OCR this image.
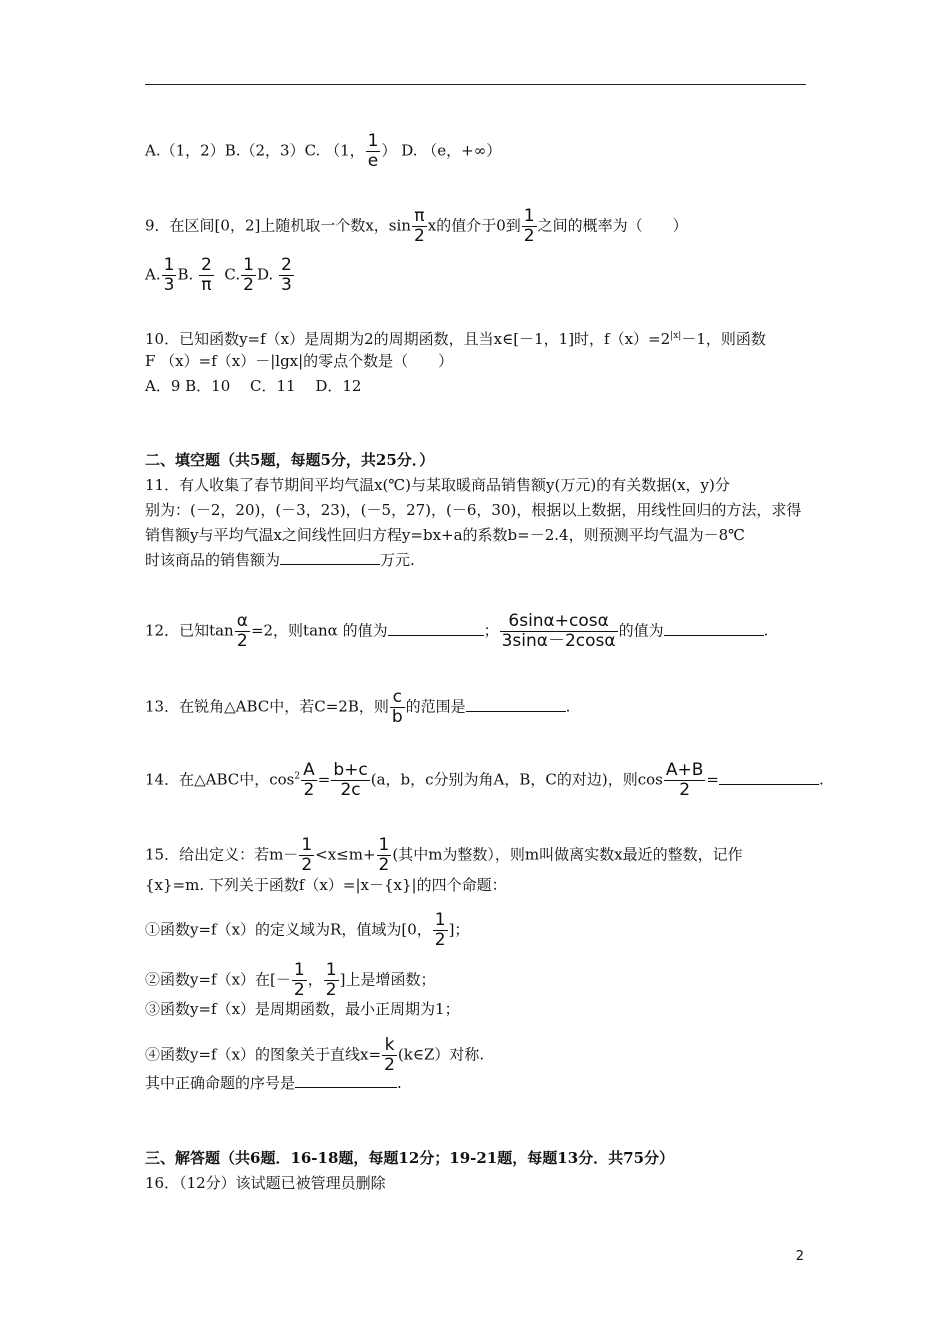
A.（1，2）B.（2，3）C. （1， $\frac{1}{e}$ ） D. （e，+∞）
9．在区间[0，2]上随机取一个数x，$\sin \frac{\pi}{2}$ x的值介于0到 $\frac{1}{2}$ 之间的概率为（　　）
A. $\frac{1}{3} B$. $\frac{2}{\pi} C$. $\frac{1}{2} D$. $\frac{2}{3}$
10．已知函数y=f（x）是周期为2的周期函数，且当x∈[－1，1]时，$f(x)=2^{|x|}-1$，则函数
F （x）=f（x）－|lgx|的零点个数是（　　）
A．9 B．10　 C．11　 D．12
二、填空题（共5题，每题5分，共25分．）
11．有人收集了春节期间平均气温x(℃)与某取暖商品销售额y(万元)的有关数据(x，y)分
别为：(－2，20)，(－3，23)，(－5，27)，(－6，30)，根据以上数据，用线性回归的方法，求得
销售额y与平均气温x之间线性回归方程y=bx+a的系数b=－2.4，则预测平均气温为－8℃
时该商品的销售额为	万元.
12．已知$\tan \frac{\alpha}{2} =2$，则tanα 的值为	； $\frac{6\sin\alpha+\cos\alpha}{3\sin\alpha-2\cos\alpha}$ 的值为	.
13．在锐角△ABC中，若C=2B，则 $\frac{c}{b}$ 的范围是	.
14．在△ABC中，$\cos^2 \frac{A}{2} = \frac{b+c}{2c} (a$，b，c分别为角A，B，C的对边)，则$\cos \frac{A+B}{2}$ =	.
15．给出定义：若$m- \frac{1}{2} <x\le m+ \frac{1}{2}$ (其中m为整数），则m叫做离实数x最近的整数，记作
{x}=m. 下列关于函数f（x）=|x－{x}|的四个命题：
①函数y=f（x）的定义域为R，值域为[0， $\frac{1}{2}$ ]；
②函数y=f（x）在[－ $\frac{1}{2}$ ， $\frac{1}{2}$ ]上是增函数；
③函数y=f（x）是周期函数，最小正周期为1；
④函数y=f（x）的图象关于直线$x= \frac{k}{2}$ (k∈Z）对称.
其中正确命题的序号是	.
三、解答题（共6题．16-18题，每题12分；19-21题，每题13分．共75分）
16．（12分）该试题已被管理员删除
2
